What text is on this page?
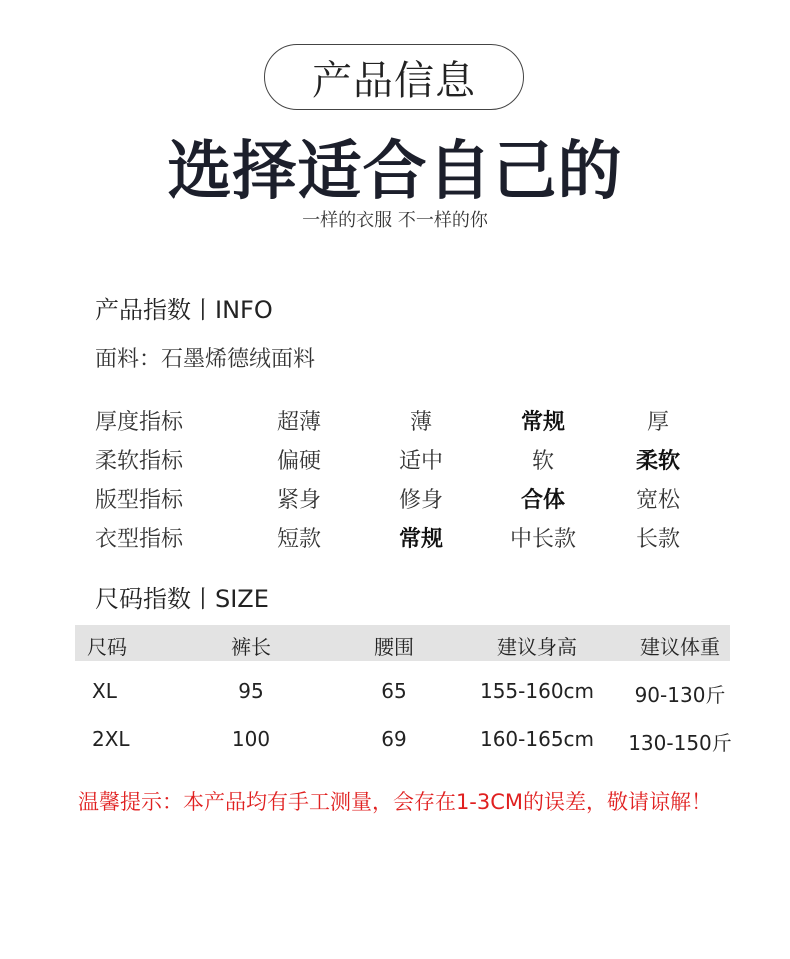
产品信息
选择适合自己的
一样的衣服 不一样的你
产品指数丨INFO
面料：石墨烯德绒面料
厚度指标	超薄	薄	常规	厚
柔软指标	偏硬	适中	软	柔软
版型指标	紧身	修身	合体	宽松
衣型指标	短款	常规	中长款	长款
尺码指数丨SIZE
尺码	裤长	腰围	建议身高	建议体重
XL	95	65	155-160cm 90-130斤
2XL	100	69	160-165cm 130-150斤
温馨提示：本产品均有手工测量，会存在1-3CM的误差，敬请谅解！
